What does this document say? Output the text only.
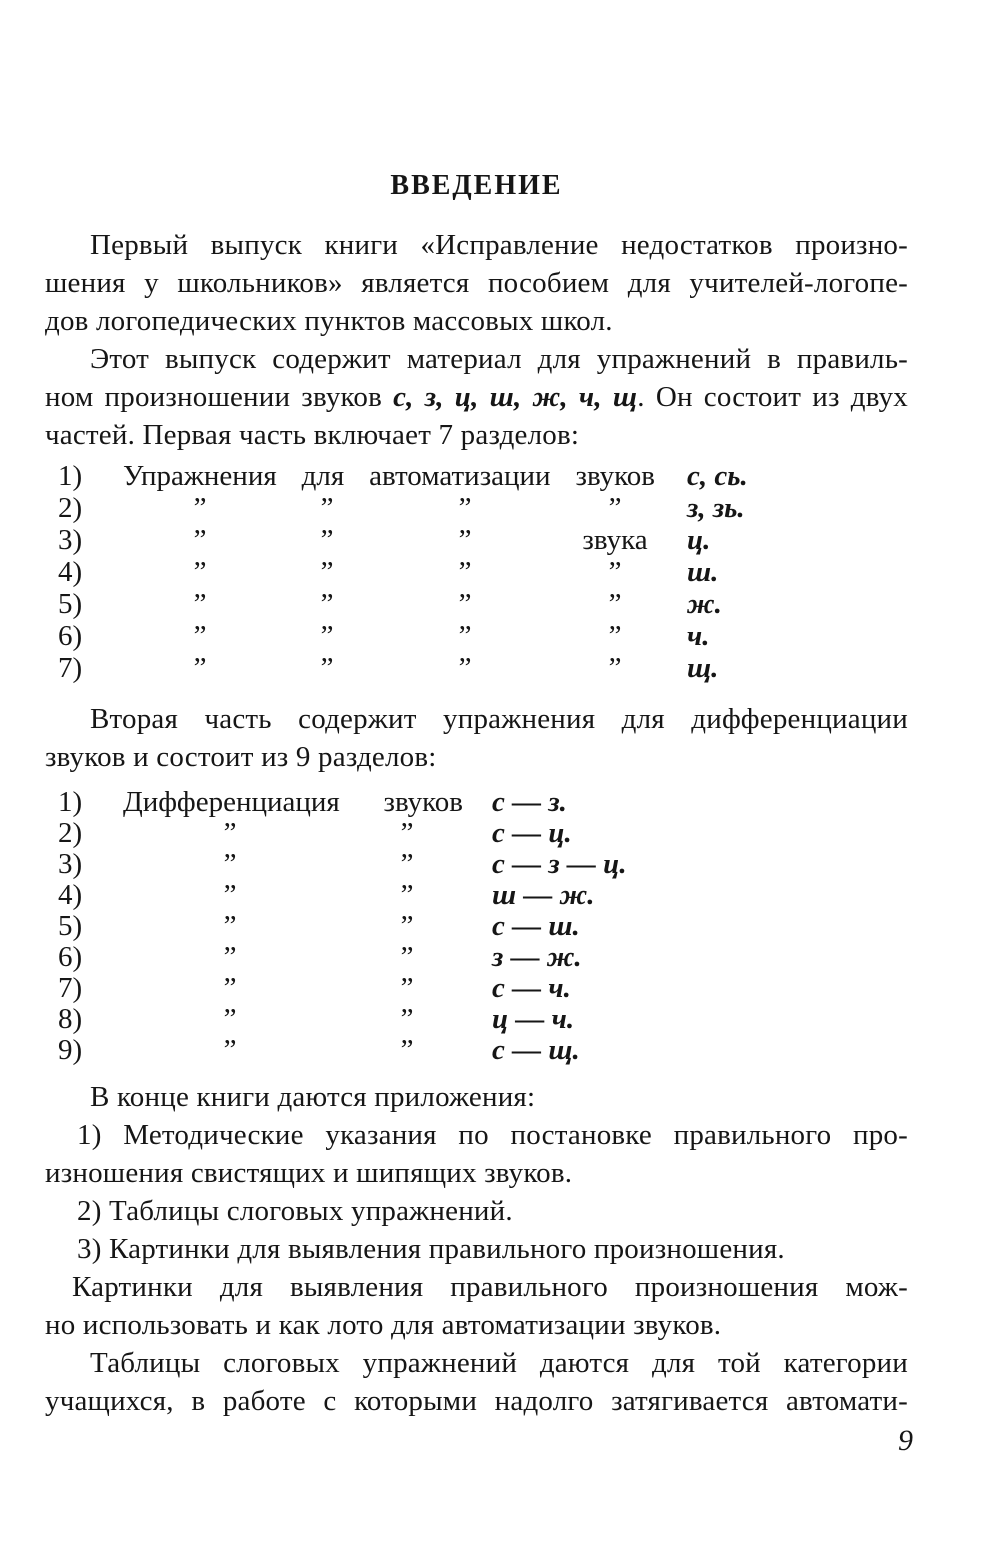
ВВЕДЕНИЕ
Первый выпуск книги «Исправление недостатков произно-
шения у школьников» является пособием для учителей-логопе-
дов логопедических пунктов массовых школ.
Этот выпуск содержит материал для упражнений в правиль-
ном произношении звуков с, з, ц, ш, ж, ч, щ. Он состоит из двух
частей. Первая часть включает 7 разделов:
1) Упражнения для автоматизации звуков с, сь.
2)	”	”	”	”	з, зь.
3)	”	”	”	звука ц.
4)	”	”	”	”	ш.
5)	”	”	”	”	ж.
6)	”	”	”	”	ч.
7)	”	”	”	”	щ.
Вторая часть содержит упражнения для дифференциации
звуков и состоит из 9 разделов:
1) Дифференциация звуков с — з.
2)	”	”	с — ц.
3)	”	”	с — з — ц.
4)	”	”	ш — ж.
5)	”	”	с — ш.
6)	”	”	з — ж.
7)	”	”	с — ч.
8)	”	”	ц — ч.
9)	”	”	с — щ.
В конце книги даются приложения:
1) Методические указания по постановке правильного про-
изношения свистящих и шипящих звуков.
2) Таблицы слоговых упражнений.
3) Картинки для выявления правильного произношения.
Картинки для выявления правильного произношения мож-
но использовать и как лото для автоматизации звуков.
Таблицы слоговых упражнений даются для той категории
учащихся, в работе с которыми надолго затягивается автомати-
9
